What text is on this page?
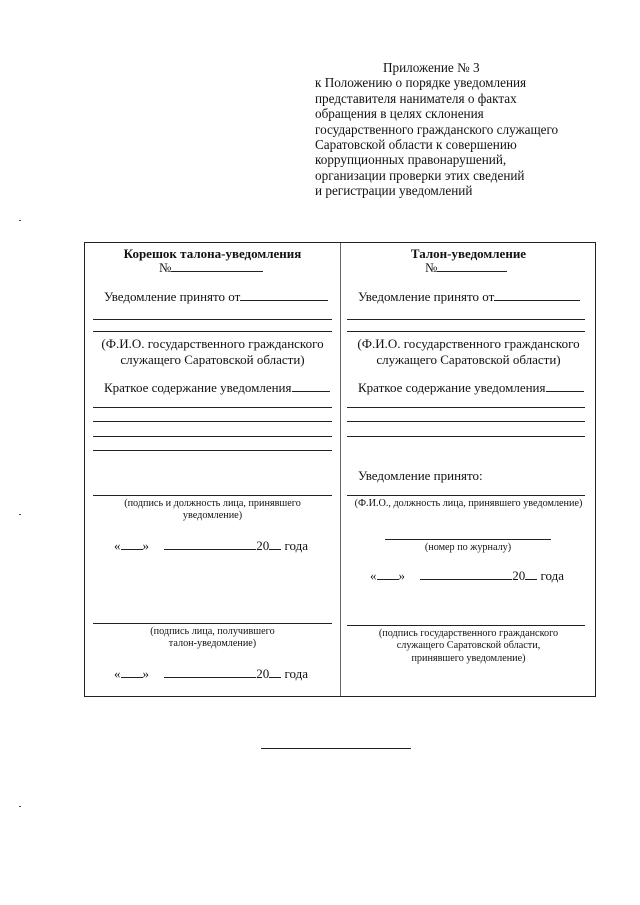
Приложение № 3
к Положению о порядке уведомления
представителя нанимателя о фактах
обращения в целях склонения
государственного гражданского служащего
Саратовской области к совершению
коррупционных правонарушений,
организации проверки этих сведений
и регистрации уведомлений
Корешок талона-уведомления
№
Уведомление принято от
(Ф.И.О. государственного гражданского
служащего Саратовской области)
Краткое содержание уведомления
(подпись и должность лица, принявшего
уведомление)
« »	20 года
(подпись лица, получившего
талон-уведомление)
« »	20 года
Талон-уведомление
№
Уведомление принято от
(Ф.И.О. государственного гражданского
служащего Саратовской области)
Краткое содержание уведомления
Уведомление принято:
(Ф.И.О., должность лица, принявшего уведомление)
(номер по журналу)
« »	20 года
(подпись государственного гражданского
служащего Саратовской области,
принявшего уведомление)
